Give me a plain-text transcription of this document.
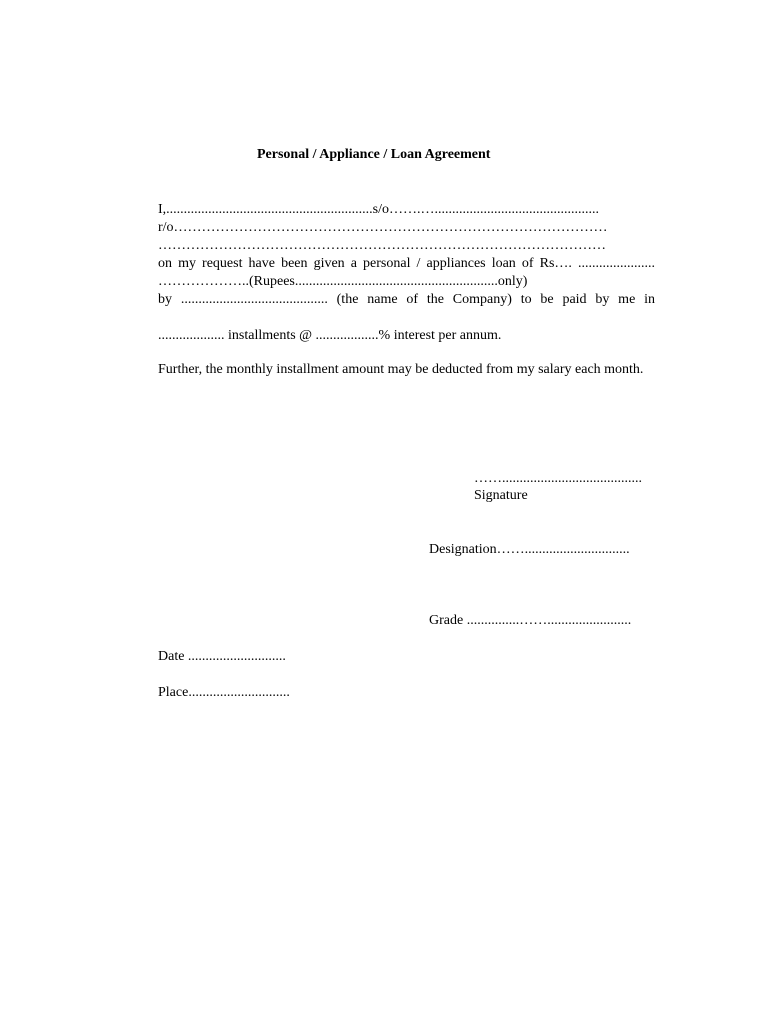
Personal / Appliance / Loan Agreement
I,...........................................................s/o…….…...............................................
r/o…………………………………………………………………………………
……………………………………………………………………………………
on my request have been given a personal / appliances loan of Rs…. ......................
………………..(Rupees..........................................................only)
by .......................................... (the name of the Company) to be paid by me in
................... installments @ ..................% interest per annum.
Further, the monthly installment amount may be deducted from my salary each month.
……........................................
Signature
Designation……..............................
Grade ...............……........................
Date ............................
Place.............................
